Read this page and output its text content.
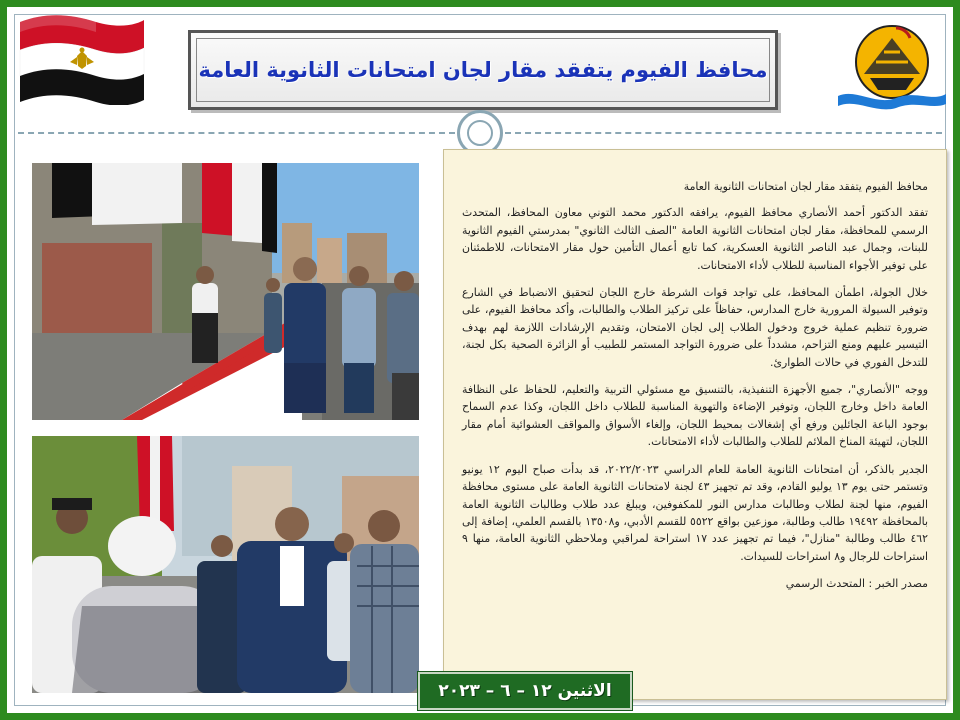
محافظ الفيوم يتفقد مقار لجان امتحانات الثانوية العامة

محافظ الفيوم يتفقد مقار لجان امتحانات الثانوية العامة

تفقد الدكتور أحمد الأنصاري محافظ الفيوم، يرافقه الدكتور محمد التوني معاون المحافظ، المتحدث الرسمي للمحافظة، مقار لجان امتحانات الثانوية العامة "الصف الثالث الثانوي" بمدرستي الفيوم الثانوية للبنات، وجمال عبد الناصر الثانوية العسكرية، كما تابع أعمال التأمين حول مقار الامتحانات، للاطمئنان على توفير الأجواء المناسبة للطلاب لأداء الامتحانات.

خلال الجولة، اطمأن المحافظ، على تواجد قوات الشرطة خارج اللجان لتحقيق الانضباط في الشارع وتوفير السيولة المرورية خارج المدارس، حفاظاً على تركيز الطلاب والطالبات، وأكد محافظ الفيوم، على ضرورة تنظيم عملية خروج ودخول الطلاب إلى لجان الامتحان، وتقديم الإرشادات اللازمة لهم بهدف التيسير عليهم ومنع التزاحم، مشدداً على ضرورة التواجد المستمر للطبيب أو الزائرة الصحية بكل لجنة، للتدخل الفوري في حالات الطوارئ.

ووجه "الأنصاري"، جميع الأجهزة التنفيذية، بالتنسيق مع مسئولي التربية والتعليم، للحفاظ على النظافة العامة داخل وخارج اللجان، وتوفير الإضاءة والتهوية المناسبة للطلاب داخل اللجان، وكذا عدم السماح بوجود الباعة الجائلين ورفع أي إشغالات بمحيط اللجان، وإلغاء الأسواق والمواقف العشوائية أمام مقار اللجان، لتهيئة المناخ الملائم للطلاب والطالبات لأداء الامتحانات.

الجدير بالذكر، أن امتحانات الثانوية العامة للعام الدراسي ٢٠٢٢/٢٠٢٣، قد بدأت صباح اليوم ١٢ يونيو وتستمر حتى يوم ١٣ يوليو القادم، وقد تم تجهيز ٤٣ لجنة لامتحانات الثانوية العامة على مستوى محافظة الفيوم، منها لجنة لطلاب وطالبات مدارس النور للمكفوفين، ويبلغ عدد طلاب وطالبات الثانوية العامة بالمحافظة ١٩٤٩٢ طالب وطالبة، موزعين بواقع ٥٥٢٢ للقسم الأدبي، و١٣٥٠٨ بالقسم العلمي، إضافة إلى ٤٦٢ طالب وطالبة "منازل"، فيما تم تجهيز عدد ١٧ استراحة لمراقبي وملاحظي الثانوية العامة، منها ٩ استراحات للرجال و٨ استراحات للسيدات.

مصدر الخبر : المتحدث الرسمي

الاثنين ١٢ – ٦ – ٢٠٢٣
